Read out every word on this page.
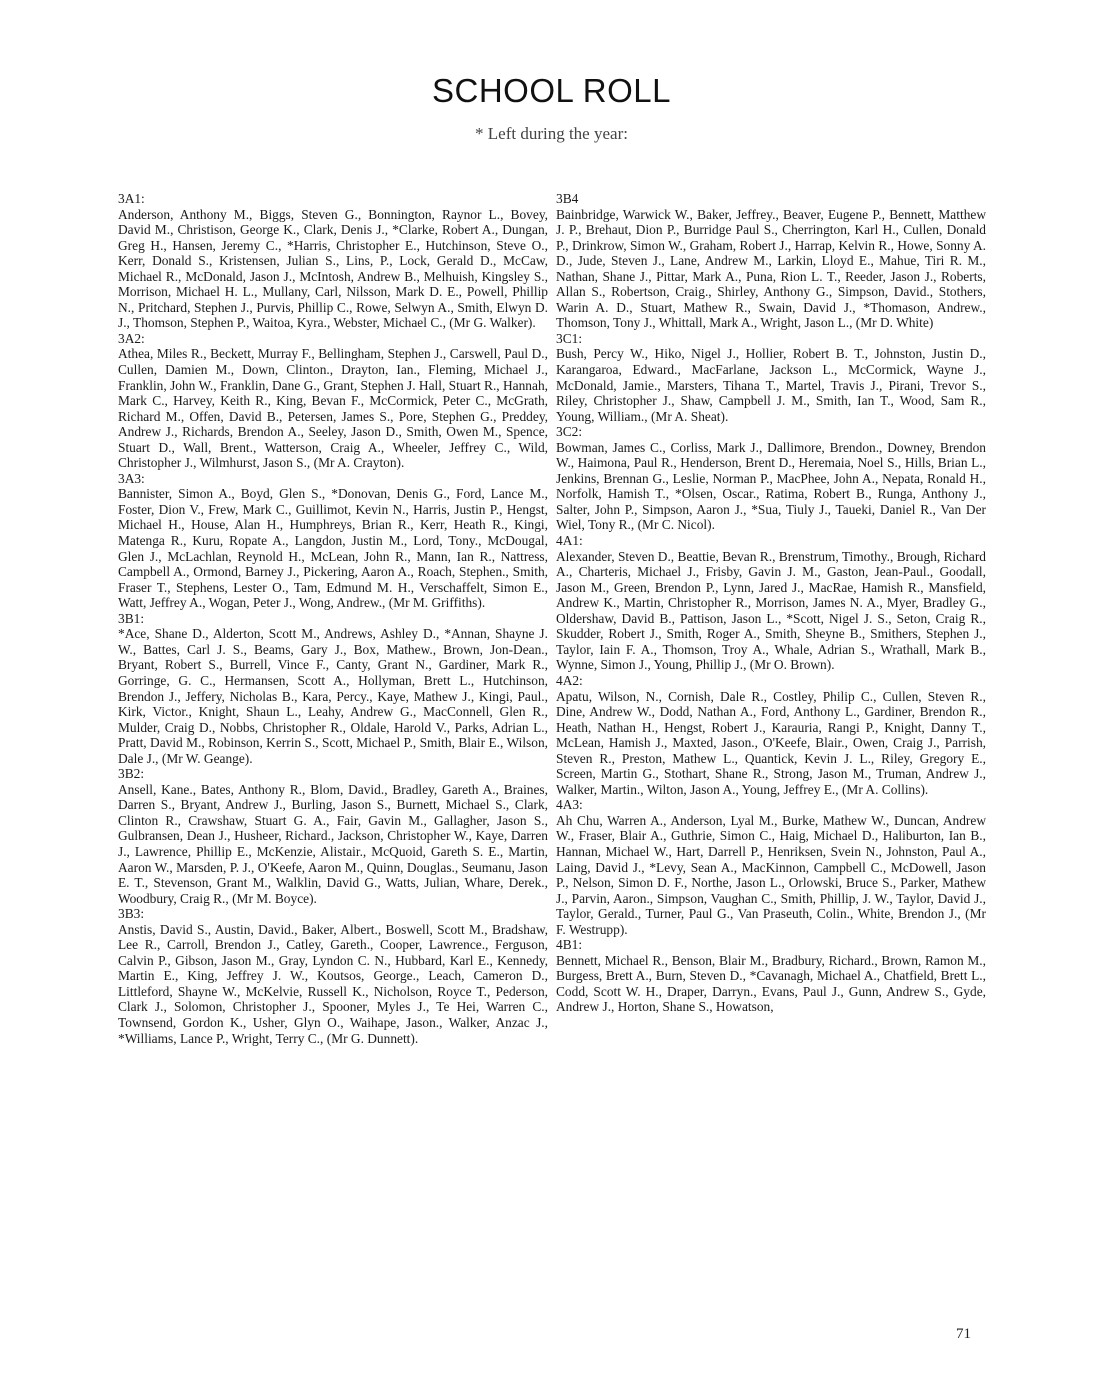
SCHOOL ROLL
* Left during the year:
3A1:
Anderson, Anthony M., Biggs, Steven G., Bonnington, Raynor L., Bovey, David M., Christison, George K., Clark, Denis J., *Clarke, Robert A., Dungan, Greg H., Hansen, Jeremy C., *Harris, Christopher E., Hutchinson, Steve O., Kerr, Donald S., Kristensen, Julian S., Lins, P., Lock, Gerald D., McCaw, Michael R., McDonald, Jason J., McIntosh, Andrew B., Melhuish, Kingsley S., Morrison, Michael H. L., Mullany, Carl, Nilsson, Mark D. E., Powell, Phillip N., Pritchard, Stephen J., Purvis, Phillip C., Rowe, Selwyn A., Smith, Elwyn D. J., Thomson, Stephen P., Waitoa, Kyra., Webster, Michael C., (Mr G. Walker).
3A2:
Athea, Miles R., Beckett, Murray F., Bellingham, Stephen J., Carswell, Paul D., Cullen, Damien M., Down, Clinton., Drayton, Ian., Fleming, Michael J., Franklin, John W., Franklin, Dane G., Grant, Stephen J. Hall, Stuart R., Hannah, Mark C., Harvey, Keith R., King, Bevan F., McCormick, Peter C., McGrath, Richard M., Offen, David B., Petersen, James S., Pore, Stephen G., Preddey, Andrew J., Richards, Brendon A., Seeley, Jason D., Smith, Owen M., Spence, Stuart D., Wall, Brent., Watterson, Craig A., Wheeler, Jeffrey C., Wild, Christopher J., Wilmhurst, Jason S., (Mr A. Crayton).
3A3:
Bannister, Simon A., Boyd, Glen S., *Donovan, Denis G., Ford, Lance M., Foster, Dion V., Frew, Mark C., Guillimot, Kevin N., Harris, Justin P., Hengst, Michael H., House, Alan H., Humphreys, Brian R., Kerr, Heath R., Kingi, Matenga R., Kuru, Ropate A., Langdon, Justin M., Lord, Tony., McDougal, Glen J., McLachlan, Reynold H., McLean, John R., Mann, Ian R., Nattress, Campbell A., Ormond, Barney J., Pickering, Aaron A., Roach, Stephen., Smith, Fraser T., Stephens, Lester O., Tam, Edmund M. H., Verschaffelt, Simon E., Watt, Jeffrey A., Wogan, Peter J., Wong, Andrew., (Mr M. Griffiths).
3B1:
*Ace, Shane D., Alderton, Scott M., Andrews, Ashley D., *Annan, Shayne J. W., Battes, Carl J. S., Beams, Gary J., Box, Mathew., Brown, Jon-Dean., Bryant, Robert S., Burrell, Vince F., Canty, Grant N., Gardiner, Mark R., Gorringe, G. C., Hermansen, Scott A., Hollyman, Brett L., Hutchinson, Brendon J., Jeffery, Nicholas B., Kara, Percy., Kaye, Mathew J., Kingi, Paul., Kirk, Victor., Knight, Shaun L., Leahy, Andrew G., MacConnell, Glen R., Mulder, Craig D., Nobbs, Christopher R., Oldale, Harold V., Parks, Adrian L., Pratt, David M., Robinson, Kerrin S., Scott, Michael P., Smith, Blair E., Wilson, Dale J., (Mr W. Geange).
3B2:
Ansell, Kane., Bates, Anthony R., Blom, David., Bradley, Gareth A., Braines, Darren S., Bryant, Andrew J., Burling, Jason S., Burnett, Michael S., Clark, Clinton R., Crawshaw, Stuart G. A., Fair, Gavin M., Gallagher, Jason S., Gulbransen, Dean J., Husheer, Richard., Jackson, Christopher W., Kaye, Darren J., Lawrence, Phillip E., McKenzie, Alistair., McQuoid, Gareth S. E., Martin, Aaron W., Marsden, P. J., O'Keefe, Aaron M., Quinn, Douglas., Seumanu, Jason E. T., Stevenson, Grant M., Walklin, David G., Watts, Julian, Whare, Derek., Woodbury, Craig R., (Mr M. Boyce).
3B3:
Anstis, David S., Austin, David., Baker, Albert., Boswell, Scott M., Bradshaw, Lee R., Carroll, Brendon J., Catley, Gareth., Cooper, Lawrence., Ferguson, Calvin P., Gibson, Jason M., Gray, Lyndon C. N., Hubbard, Karl E., Kennedy, Martin E., King, Jeffrey J. W., Koutsos, George., Leach, Cameron D., Littleford, Shayne W., McKelvie, Russell K., Nicholson, Royce T., Pederson, Clark J., Solomon, Christopher J., Spooner, Myles J., Te Hei, Warren C., Townsend, Gordon K., Usher, Glyn O., Waihape, Jason., Walker, Anzac J., *Williams, Lance P., Wright, Terry C., (Mr G. Dunnett).
3B4
Bainbridge, Warwick W., Baker, Jeffrey., Beaver, Eugene P., Bennett, Matthew J. P., Brehaut, Dion P., Burridge Paul S., Cherrington, Karl H., Cullen, Donald P., Drinkrow, Simon W., Graham, Robert J., Harrap, Kelvin R., Howe, Sonny A. D., Jude, Steven J., Lane, Andrew M., Larkin, Lloyd E., Mahue, Tiri R. M., Nathan, Shane J., Pittar, Mark A., Puna, Rion L. T., Reeder, Jason J., Roberts, Allan S., Robertson, Craig., Shirley, Anthony G., Simpson, David., Stothers, Warin A. D., Stuart, Mathew R., Swain, David J., *Thomason, Andrew., Thomson, Tony J., Whittall, Mark A., Wright, Jason L., (Mr D. White)
3C1:
Bush, Percy W., Hiko, Nigel J., Hollier, Robert B. T., Johnston, Justin D., Karangaroa, Edward., MacFarlane, Jackson L., McCormick, Wayne J., McDonald, Jamie., Marsters, Tihana T., Martel, Travis J., Pirani, Trevor S., Riley, Christopher J., Shaw, Campbell J. M., Smith, Ian T., Wood, Sam R., Young, William., (Mr A. Sheat).
3C2:
Bowman, James C., Corliss, Mark J., Dallimore, Brendon., Downey, Brendon W., Haimona, Paul R., Henderson, Brent D., Heremaia, Noel S., Hills, Brian L., Jenkins, Brennan G., Leslie, Norman P., MacPhee, John A., Nepata, Ronald H., Norfolk, Hamish T., *Olsen, Oscar., Ratima, Robert B., Runga, Anthony J., Salter, John P., Simpson, Aaron J., *Sua, Tiuly J., Taueki, Daniel R., Van Der Wiel, Tony R., (Mr C. Nicol).
4A1:
Alexander, Steven D., Beattie, Bevan R., Brenstrum, Timothy., Brough, Richard A., Charteris, Michael J., Frisby, Gavin J. M., Gaston, Jean-Paul., Goodall, Jason M., Green, Brendon P., Lynn, Jared J., MacRae, Hamish R., Mansfield, Andrew K., Martin, Christopher R., Morrison, James N. A., Myer, Bradley G., Oldershaw, David B., Pattison, Jason L., *Scott, Nigel J. S., Seton, Craig R., Skudder, Robert J., Smith, Roger A., Smith, Sheyne B., Smithers, Stephen J., Taylor, Iain F. A., Thomson, Troy A., Whale, Adrian S., Wrathall, Mark B., Wynne, Simon J., Young, Phillip J., (Mr O. Brown).
4A2:
Apatu, Wilson, N., Cornish, Dale R., Costley, Philip C., Cullen, Steven R., Dine, Andrew W., Dodd, Nathan A., Ford, Anthony L., Gardiner, Brendon R., Heath, Nathan H., Hengst, Robert J., Karauria, Rangi P., Knight, Danny T., McLean, Hamish J., Maxted, Jason., O'Keefe, Blair., Owen, Craig J., Parrish, Steven R., Preston, Mathew L., Quantick, Kevin J. L., Riley, Gregory E., Screen, Martin G., Stothart, Shane R., Strong, Jason M., Truman, Andrew J., Walker, Martin., Wilton, Jason A., Young, Jeffrey E., (Mr A. Collins).
4A3:
Ah Chu, Warren A., Anderson, Lyal M., Burke, Mathew W., Duncan, Andrew W., Fraser, Blair A., Guthrie, Simon C., Haig, Michael D., Haliburton, Ian B., Hannan, Michael W., Hart, Darrell P., Henriksen, Svein N., Johnston, Paul A., Laing, David J., *Levy, Sean A., MacKinnon, Campbell C., McDowell, Jason P., Nelson, Simon D. F., Northe, Jason L., Orlowski, Bruce S., Parker, Mathew J., Parvin, Aaron., Simpson, Vaughan C., Smith, Phillip, J. W., Taylor, David J., Taylor, Gerald., Turner, Paul G., Van Praseuth, Colin., White, Brendon J., (Mr F. Westrupp).
4B1:
Bennett, Michael R., Benson, Blair M., Bradbury, Richard., Brown, Ramon M., Burgess, Brett A., Burn, Steven D., *Cavanagh, Michael A., Chatfield, Brett L., Codd, Scott W. H., Draper, Darryn., Evans, Paul J., Gunn, Andrew S., Gyde, Andrew J., Horton, Shane S., Howatson,
71
